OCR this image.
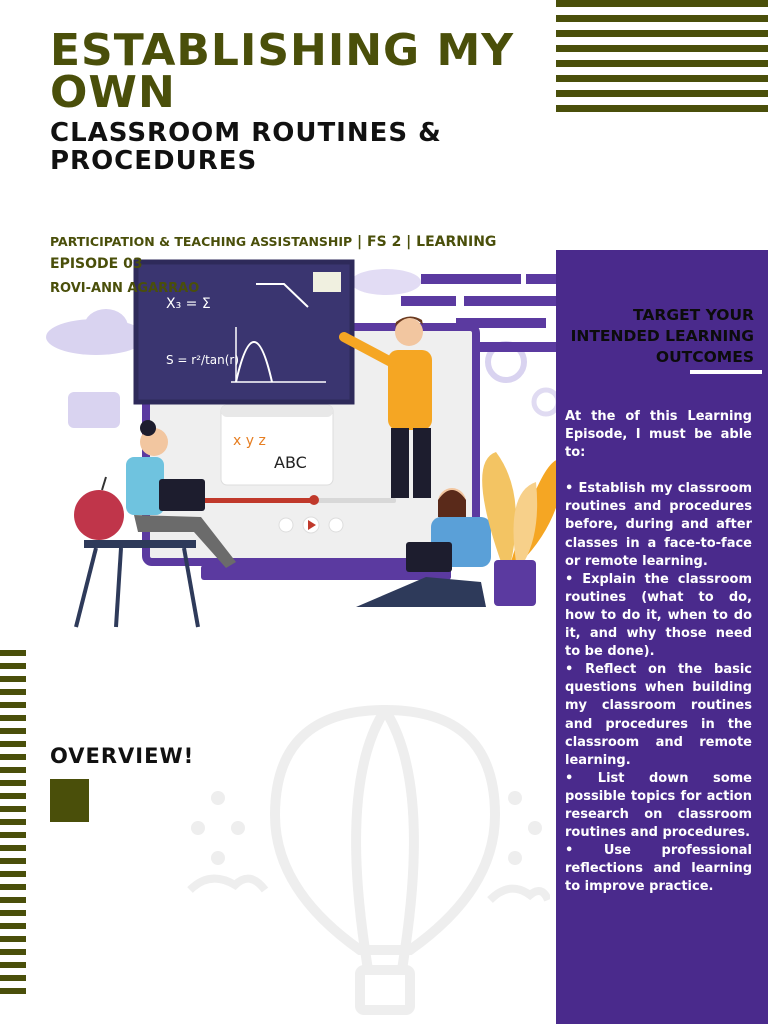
ESTABLISHING MY OWN
CLASSROOM ROUTINES & PROCEDURES
x y z
ABC
X₃ = Σ
S = r²/tan(r)
PARTICIPATION & TEACHING ASSISTANSHIP | FS 2 | LEARNING
EPISODE 03
ROVI-ANN AGARRAO
TARGET YOUR INTENDED LEARNING OUTCOMES

At the of this Learning Episode, I must be able to:

• Establish my classroom routines and procedures before, during and after classes in a face-to-face or remote learning.

• Explain the classroom routines (what to do, how to do it, when to do it, and why those need to be done).

• Reflect on the basic questions when building my classroom routines and procedures in the classroom and remote learning.

• List down some possible topics for action research on classroom routines and procedures.

• Use professional reflections and learning to improve practice.

OVERVIEW!
